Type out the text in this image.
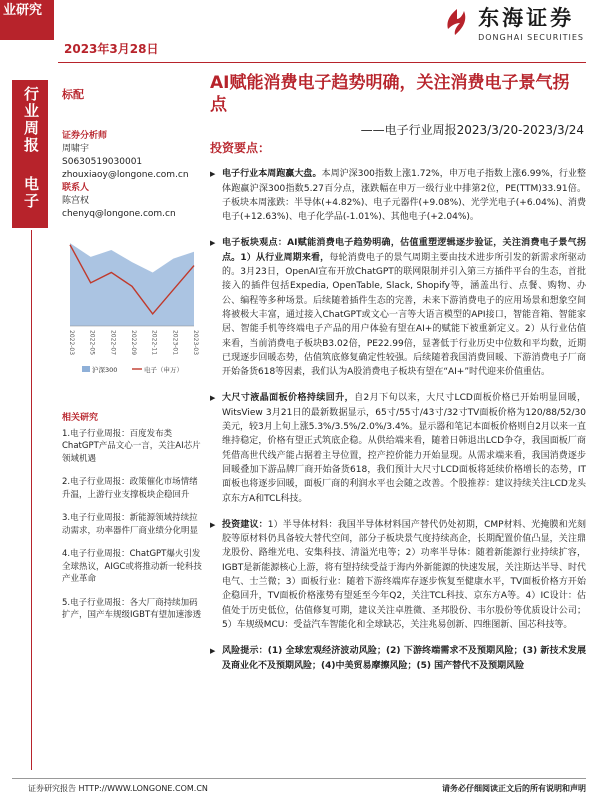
业研究
2023年3月28日
东海证券
DONGHAI SECURITIES
行业周报
电子
标配
AI赋能消费电子趋势明确，关注消费电子景气拐点
——电子行业周报2023/3/20-2023/3/24
证券分析师
周啸宇
S0630519030001
zhouxiaoy@longone.com.cn
联系人
陈宫权
chenyq@longone.com.cn
2022-03 2022-05 2022-07 2022-09 2022-11 2023-01 2023-03
沪深300	电子（申万）
相关研究
1.电子行业周报：百度发布类ChatGPT产品文心一言，关注AI芯片领域机遇
2.电子行业周报：政策催化市场情绪升温，上游行业支撑板块企稳回升
3.电子行业周报：新能源领域持续拉动需求，功率器件厂商业绩分化明显
4.电子行业周报：ChatGPT爆火引发全球热议，AIGC或将推动新一轮科技产业革命
5.电子行业周报：各大厂商持续加码扩产，国产车规级IGBT有望加速渗透
投资要点：
▶ 电子行业本周跑赢大盘。本周沪深300指数上涨1.72%，申万电子指数上涨6.99%，行业整体跑赢沪深300指数5.27百分点，涨跌幅在申万一级行业中排第2位，PE(TTM)33.91倍。子板块本周涨跌：半导体(+4.82%)、电子元器件(+9.08%)、光学光电子(+6.04%)、消费电子(+12.63%)、电子化学品(-1.01%)、其他电子(+2.04%)。
▶ 电子板块观点：AI赋能消费电子趋势明确，估值重塑逻辑逐步验证，关注消费电子景气拐点。1）从行业周期来看，每轮消费电子的景气周期主要由技术进步所引发的新需求所驱动的。3月23日，OpenAI宣布开放ChatGPT的联网限制并引入第三方插件平台的生态，首批接入的插件包括Expedia, OpenTable, Slack, Shopify等，涵盖出行、点餐、购物、办公、编程等多种场景。后续随着插件生态的完善，未来下游消费电子的应用场景和想象空间将被极大丰富，通过接入ChatGPT或文心一言等大语言模型的API接口，智能音箱、智能家居、智能手机等终端电子产品的用户体验有望在AI+的赋能下被重新定义。2）从行业估值来看，当前消费电子板块B3.02倍，PE22.99倍，显著低于行业历史中位数和平均数，近期已现逐步回暖态势，估值筑底修复确定性较强。后续随着我国消费回暖、下游消费电子厂商开始备货618等因素，我们认为A股消费电子板块有望在“AI+”时代迎来价值重估。
▶ 大尺寸液晶面板价格持续回升，自2月下旬以来，大尺寸LCD面板价格已开始明显回暖，WitsView 3月21日的最新数据显示，65寸/55寸/43寸/32寸TV面板价格为120/88/52/30美元，较3月上旬上涨5.3%/3.5%/2.0%/3.4%。显示器和笔记本面板价格则自2月以来一直维持稳定，价格有望正式筑底企稳。从供给端来看，随着日韩退出LCD争夺，我国面板厂商凭借高世代线产能占据着主导位置，控产控价能力开始显现。从需求端来看，我国消费逐步回暖叠加下游品牌厂商开始备货618，我们预计大尺寸LCD面板将延续价格增长的态势，IT面板也将逐步回暖，面板厂商的利润水平也会随之改善。个股推荐：建议持续关注LCD龙头京东方A和TCL科技。
▶ 投资建议：1）半导体材料：我国半导体材料国产替代仍处初期，CMP材料、光掩膜和光刻胶等原材料仍具备较大替代空间，部分子板块景气度持续高企，长期配置价值凸显，关注鼎龙股份、路维光电、安集科技、清溢光电等；2）功率半导体：随着新能源行业持续扩容，IGBT是新能源核心上游，将有望持续受益于海内外新能源的快速发展，关注斯达半导、时代电气、士兰微；3）面板行业：随着下游终端库存逐步恢复至健康水平，TV面板价格方开始企稳回升，TV面板价格涨势有望延至今年Q2，关注TCL科技、京东方A等。4）IC设计：估值处于历史低位，估值修复可期，建议关注卓胜微、圣邦股份、韦尔股份等优质设计公司；5）车规级MCU：受益汽车智能化和全球缺芯，关注兆易创新、四维图新、国芯科技等。
▶ 风险提示：(1) 全球宏观经济波动风险；(2) 下游终端需求不及预期风险；(3) 新技术发展及商业化不及预期风险；(4)中美贸易摩擦风险；(5) 国产替代不及预期风险
证券研究报告 HTTP://WWW.LONGONE.COM.CN	请务必仔细阅读正文后的所有说明和声明
